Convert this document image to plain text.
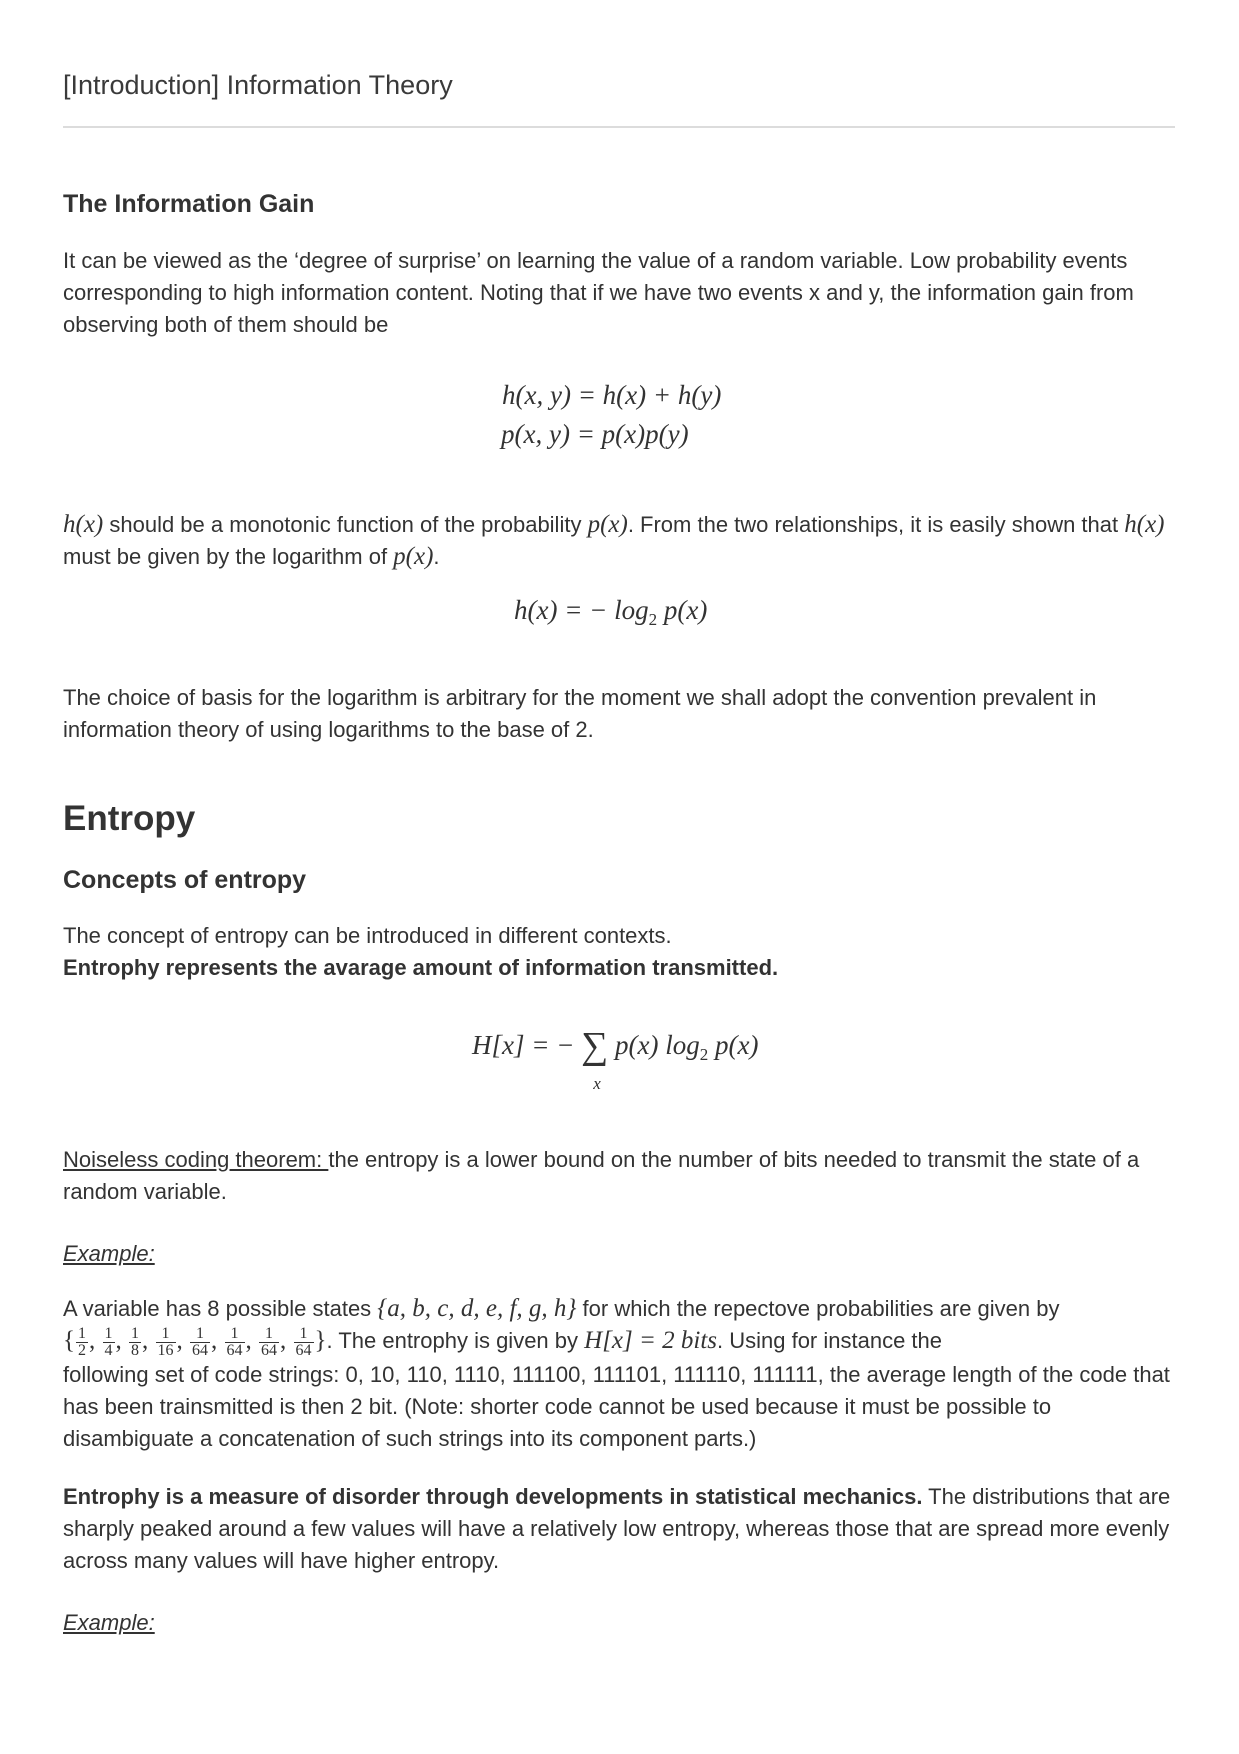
[Introduction] Information Theory
The Information Gain
It can be viewed as the ‘degree of surprise’ on learning the value of a random variable. Low probability events corresponding to high information content. Noting that if we have two events x and y, the information gain from observing both of them should be
h(x, y) = h(x) + h(y)
p(x, y) = p(x)p(y)
h(x) should be a monotonic function of the probability p(x). From the two relationships, it is easily shown that h(x) must be given by the logarithm of p(x).
h(x) = − $\log_2 p(x)$
The choice of basis for the logarithm is arbitrary for the moment we shall adopt the convention prevalent in information theory of using logarithms to the base of 2.
Entropy
Concepts of entropy
The concept of entropy can be introduced in different contexts.
Entrophy represents the avarage amount of information transmitted.
H[x] = − ∑
x
p(x) $\log_2 p(x)$
Noiseless coding theorem: the entropy is a lower bound on the number of bits needed to transmit the state of a random variable.
Example:
A variable has 8 possible states {a, b, c, d, e, f, g, h} for which the repectove probabilities are given by
{ $\frac{1}{2}$ , $\frac{1}{4}$ , $\frac{1}{8}$ , $\frac{1}{16}$ , $\frac{1}{64}$ , $\frac{1}{64}$ , $\frac{1}{64}$ , $\frac{1}{64}$ }. The entrophy is given by H[x] = 2 bits. Using for instance the
following set of code strings: 0, 10, 110, 1110, 111100, 111101, 111110, 111111, the average length of the code that has been trainsmitted is then 2 bit. (Note: shorter code cannot be used because it must be possible to disambiguate a concatenation of such strings into its component parts.)
Entrophy is a measure of disorder through developments in statistical mechanics. The distributions that are sharply peaked around a few values will have a relatively low entropy, whereas those that are spread more evenly across many values will have higher entropy.
Example:
